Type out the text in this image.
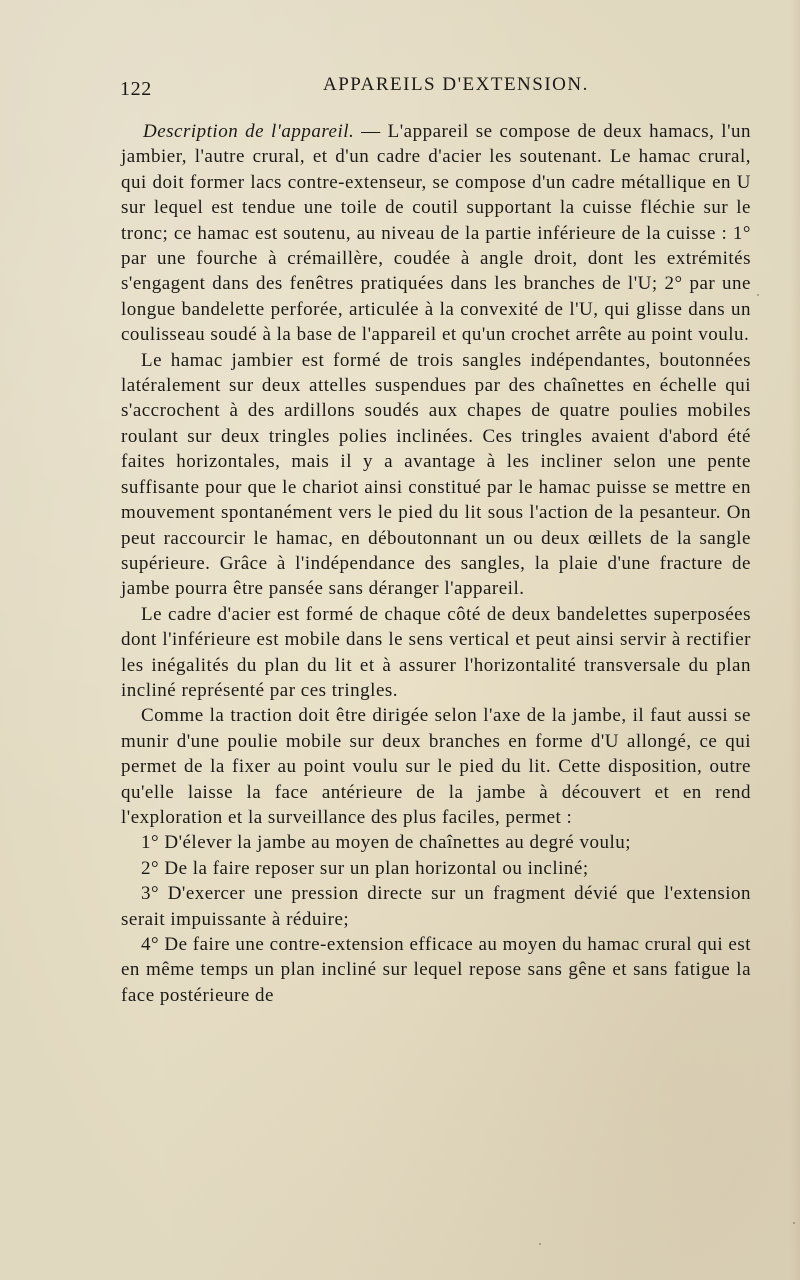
122	APPAREILS D'EXTENSION.

Description de l'appareil. — L'appareil se compose de deux hamacs, l'un jambier, l'autre crural, et d'un cadre d'acier les soutenant. Le hamac crural, qui doit former lacs contre-extenseur, se compose d'un cadre métallique en U sur lequel est tendue une toile de coutil supportant la cuisse fléchie sur le tronc; ce hamac est soutenu, au niveau de la partie inférieure de la cuisse : 1° par une fourche à crémaillère, coudée à angle droit, dont les extrémités s'engagent dans des fenêtres pratiquées dans les branches de l'U; 2° par une longue bandelette perforée, articulée à la convexité de l'U, qui glisse dans un coulisseau soudé à la base de l'appareil et qu'un crochet arrête au point voulu.

Le hamac jambier est formé de trois sangles indépendantes, boutonnées latéralement sur deux attelles suspendues par des chaînettes en échelle qui s'accrochent à des ardillons soudés aux chapes de quatre poulies mobiles roulant sur deux tringles polies inclinées. Ces tringles avaient d'abord été faites horizontales, mais il y a avantage à les incliner selon une pente suffisante pour que le chariot ainsi constitué par le hamac puisse se mettre en mouvement spontanément vers le pied du lit sous l'action de la pesanteur. On peut raccourcir le hamac, en déboutonnant un ou deux œillets de la sangle supérieure. Grâce à l'indépendance des sangles, la plaie d'une fracture de jambe pourra être pansée sans déranger l'appareil.

Le cadre d'acier est formé de chaque côté de deux bandelettes superposées dont l'inférieure est mobile dans le sens vertical et peut ainsi servir à rectifier les inégalités du plan du lit et à assurer l'horizontalité transversale du plan incliné représenté par ces tringles.

Comme la traction doit être dirigée selon l'axe de la jambe, il faut aussi se munir d'une poulie mobile sur deux branches en forme d'U allongé, ce qui permet de la fixer au point voulu sur le pied du lit. Cette disposition, outre qu'elle laisse la face antérieure de la jambe à découvert et en rend l'exploration et la surveillance des plus faciles, permet :

1° D'élever la jambe au moyen de chaînettes au degré voulu;

2° De la faire reposer sur un plan horizontal ou incliné;

3° D'exercer une pression directe sur un fragment dévié que l'extension serait impuissante à réduire;

4° De faire une contre-extension efficace au moyen du hamac crural qui est en même temps un plan incliné sur lequel repose sans gêne et sans fatigue la face postérieure de
